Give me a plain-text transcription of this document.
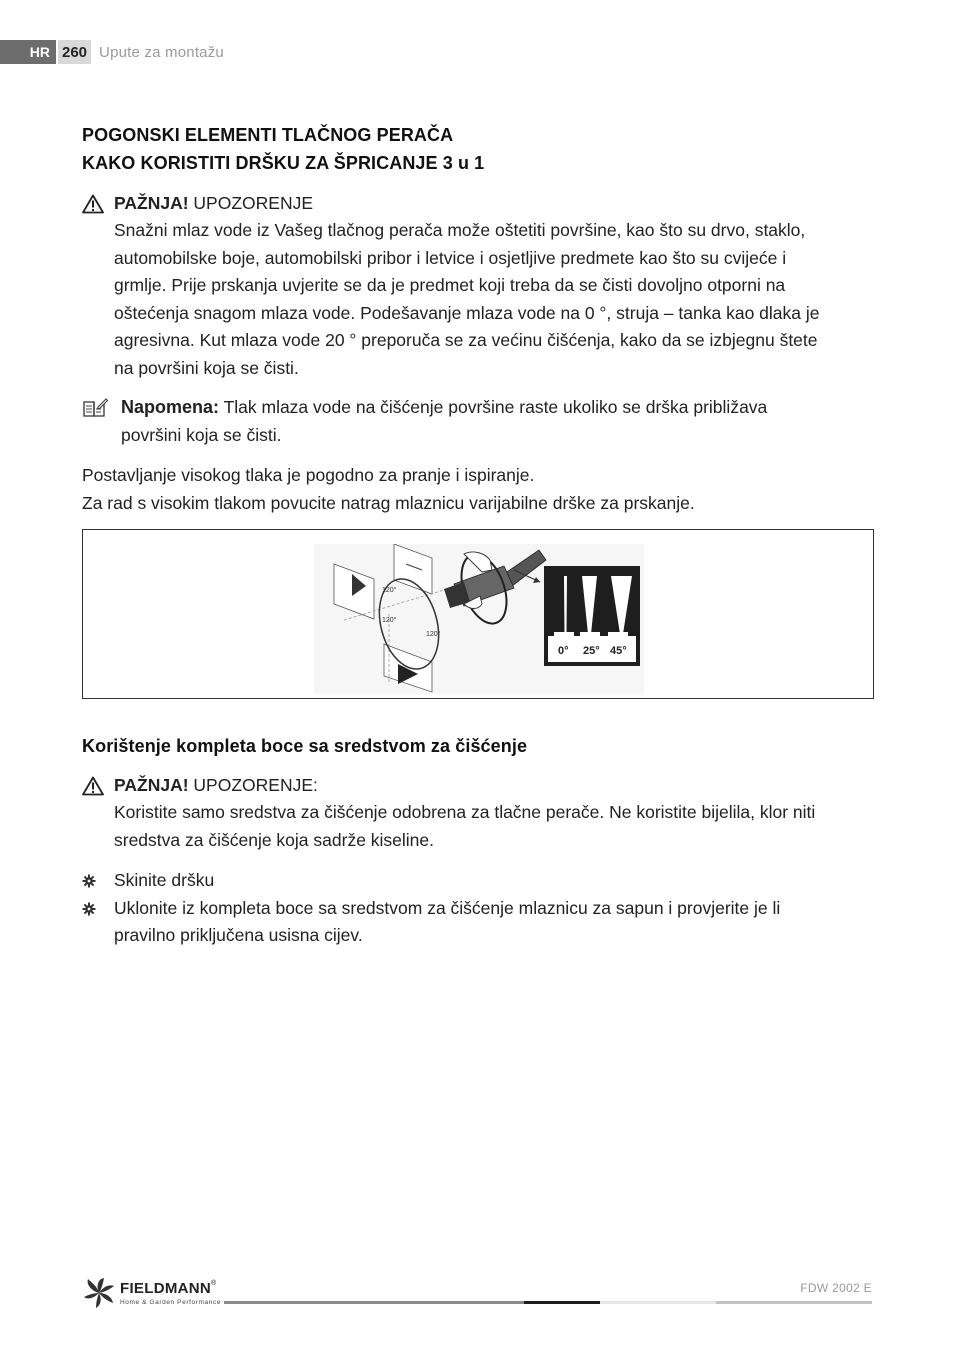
HR 260 Upute za montažu
POGONSKI ELEMENTI TLAČNOG PERAČA
KAKO KORISTITI DRŠKU ZA ŠPRICANJE 3 u 1
PAŽNJA!
UPOZORENJE
Snažni mlaz vode iz Vašeg tlačnog perača može oštetiti površine, kao što su drvo, staklo,
automobilske boje, automobilski pribor i letvice i osjetljive predmete kao što su cvijeće i
grmlje. Prije prskanja uvjerite se da je predmet koji treba da se čisti dovoljno otporni na
oštećenja snagom mlaza vode. Podešavanje mlaza vode na 0 °, struja – tanka kao dlaka je
agresivna. Kut mlaza vode 20 ° preporuča se za većinu čišćenja, kako da se izbjegnu štete
na površini koja se čisti.
Napomena: Tlak mlaza vode na čišćenje površine raste ukoliko se drška približava
površini koja se čisti.
Postavljanje visokog tlaka je pogodno za pranje i ispiranje.
Za rad s visokim tlakom povucite natrag mlaznicu varijabilne drške za prskanje.
120°
120°
120°
0° 25° 45°
Korištenje kompleta boce sa sredstvom za čišćenje
PAŽNJA!
UPOZORENJE:
Koristite samo sredstva za čišćenje odobrena za tlačne perače. Ne koristite bijelila, klor niti
sredstva za čišćenje koja sadrže kiseline.
Skinite dršku
Uklonite iz kompleta boce sa sredstvom za čišćenje mlaznicu za sapun i provjerite je li
pravilno priključena usisna cijev.
FIELDMANN®
Home & Garden Performance
FDW 2002 E
